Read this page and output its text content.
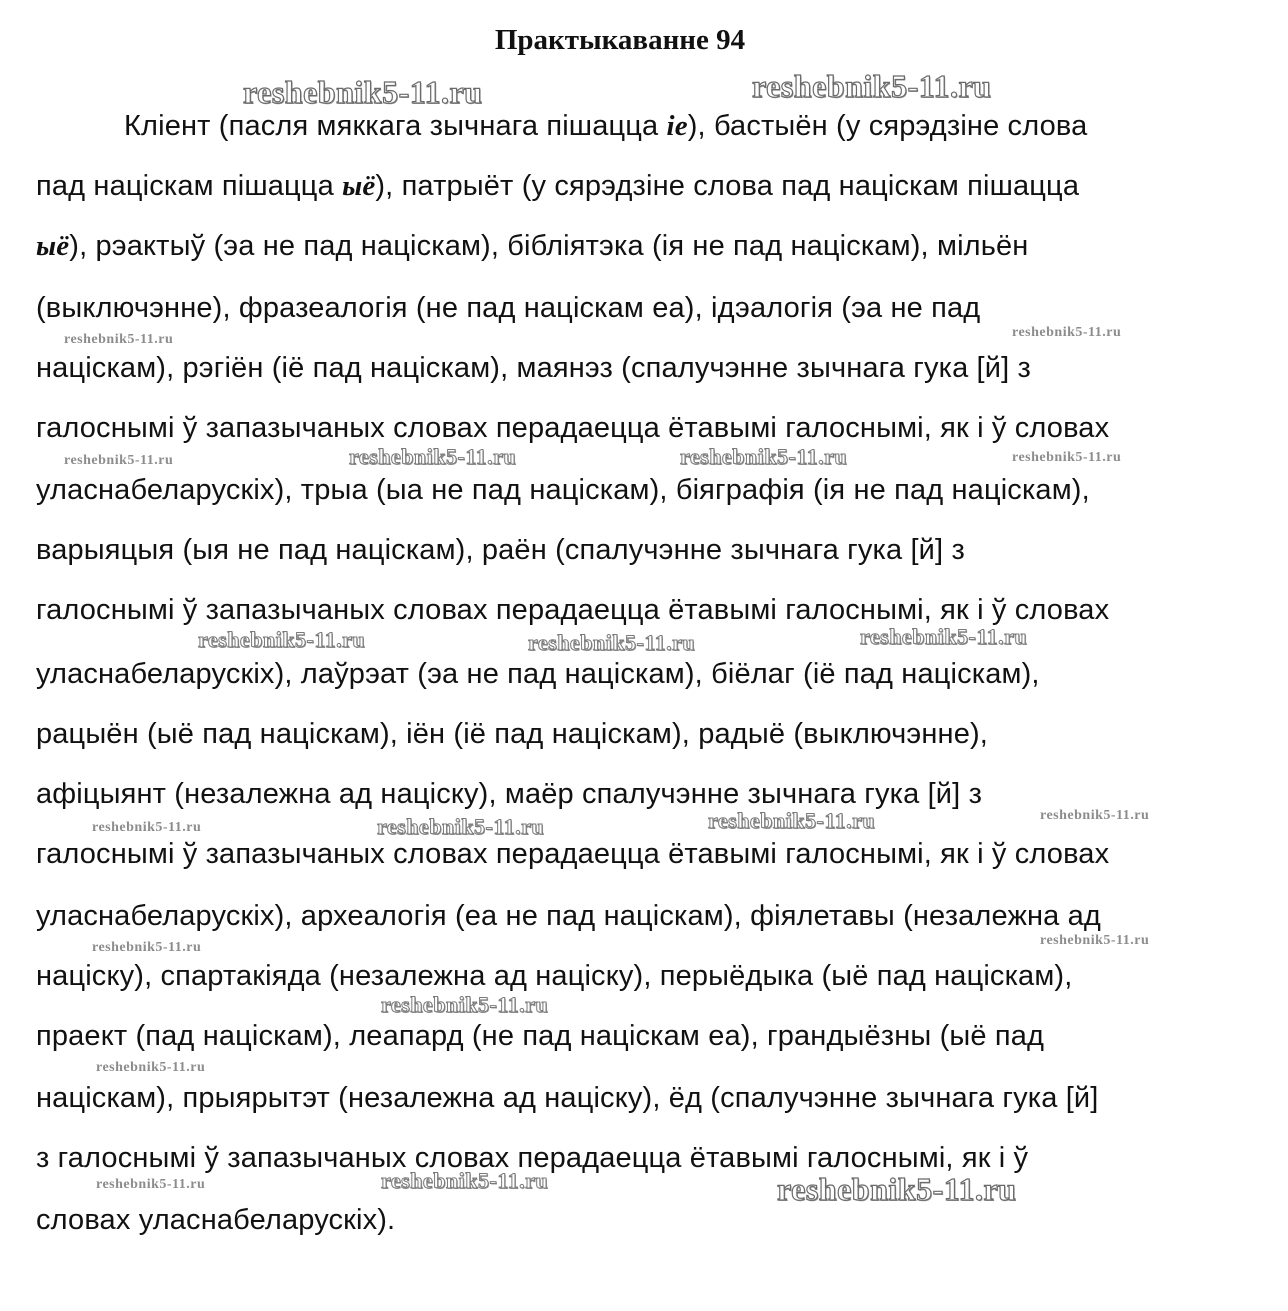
Практыкаванне 94
reshebnik5-11.ru	reshebnik5-11.ru
reshebnik5-11.ru	reshebnik5-11.ru
reshebnik5-11.ru	reshebnik5-11.ru	reshebnik5-11.ru	reshebnik5-11.ru
reshebnik5-11.ru	reshebnik5-11.ru	reshebnik5-11.ru
reshebnik5-11.ru	reshebnik5-11.ru	reshebnik5-11.ru	reshebnik5-11.ru
reshebnik5-11.ru	reshebnik5-11.ru
reshebnik5-11.ru
reshebnik5-11.ru
reshebnik5-11.ru	reshebnik5-11.ru	reshebnik5-11.ru
Кліент (пасля мяккага зычнага пішацца ie), бастыён (у сярэдзіне слова
пад націскам пішацца ыё), патрыёт (у сярэдзіне слова пад націскам пішацца
ыё), рэактыў (эа не пад націскам), бібліятэка (ія не пад націскам), мільён
(выключэнне), фразеалогія (не пад націскам еа), ідэалогія (эа не пад
націскам), рэгіён (іё пад націскам), маянэз (спалучэнне зычнага гука [й] з
галоснымі ў запазычаных словах перадаецца ётавымі галоснымі, як і ў словах
уласнабеларускіх), трыа (ыа не пад націскам), біяграфія (ія не пад націскам),
варыяцыя (ыя не пад націскам), раён (спалучэнне зычнага гука [й] з
галоснымі ў запазычаных словах перадаецца ётавымі галоснымі, як і ў словах
уласнабеларускіх), лаўрэат (эа не пад націскам), біёлаг (іё пад націскам),
рацыён (ыё пад націскам), іён (іё пад націскам), радыё (выключэнне),
афіцыянт (незалежна ад націску), маёр спалучэнне зычнага гука [й] з
галоснымі ў запазычаных словах перадаецца ётавымі галоснымі, як і ў словах
уласнабеларускіх), археалогія (еа не пад націскам), фіялетавы (незалежна ад
націску), спартакіяда (незалежна ад націску), перыёдыка (ыё пад націскам),
праект (пад націскам), леапард (не пад націскам еа), грандыёзны (ыё пад
націскам), прыярытэт (незалежна ад націску), ёд (спалучэнне зычнага гука [й]
з галоснымі ў запазычаных словах перадаецца ётавымі галоснымі, як і ў
словах уласнабеларускіх).
